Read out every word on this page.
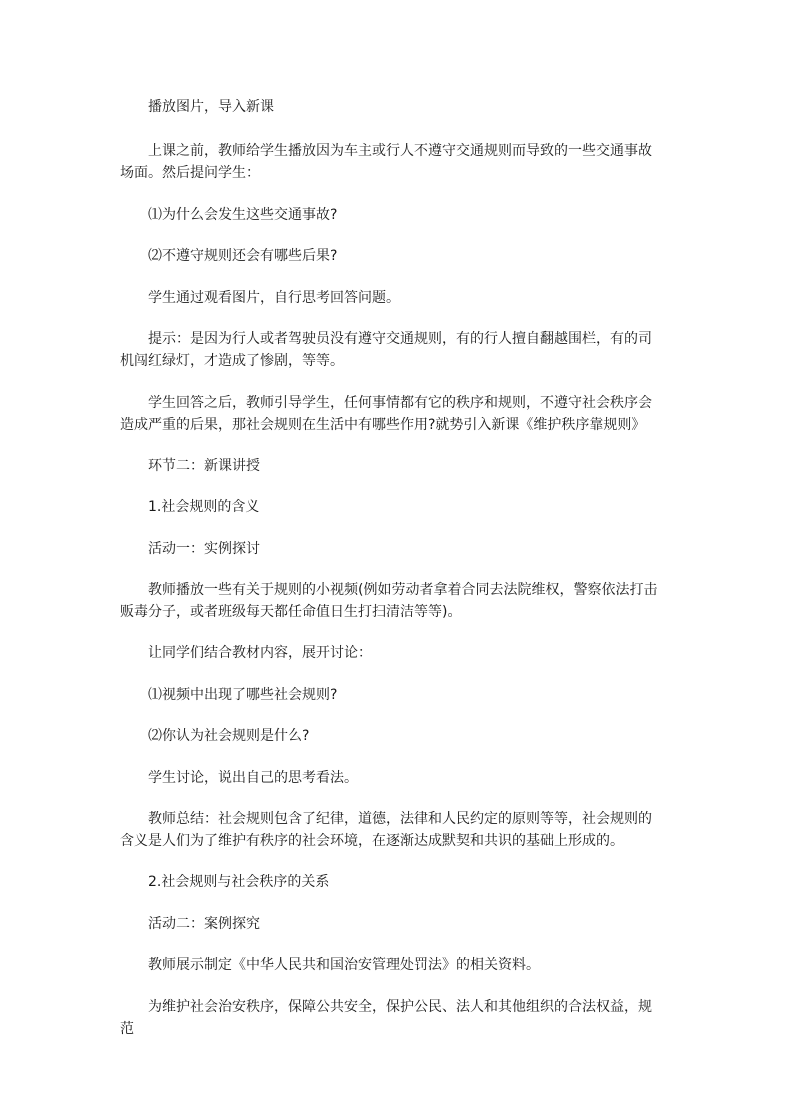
播放图片，导入新课

上课之前，教师给学生播放因为车主或行人不遵守交通规则而导致的一些交通事故场面。然后提问学生：

⑴为什么会发生这些交通事故?

⑵不遵守规则还会有哪些后果?

学生通过观看图片，自行思考回答问题。

提示：是因为行人或者驾驶员没有遵守交通规则，有的行人擅自翻越围栏，有的司机闯红绿灯，才造成了惨剧，等等。

学生回答之后，教师引导学生，任何事情都有它的秩序和规则，不遵守社会秩序会造成严重的后果，那社会规则在生活中有哪些作用?就势引入新课《维护秩序靠规则》

环节二：新课讲授

1.社会规则的含义

活动一：实例探讨

教师播放一些有关于规则的小视频(例如劳动者拿着合同去法院维权，警察依法打击贩毒分子，或者班级每天都任命值日生打扫清洁等等)。

让同学们结合教材内容，展开讨论：

⑴视频中出现了哪些社会规则?

⑵你认为社会规则是什么?

学生讨论，说出自己的思考看法。

教师总结：社会规则包含了纪律，道德，法律和人民约定的原则等等，社会规则的含义是人们为了维护有秩序的社会环境，在逐渐达成默契和共识的基础上形成的。

2.社会规则与社会秩序的关系

活动二：案例探究

教师展示制定《中华人民共和国治安管理处罚法》的相关资料。

为维护社会治安秩序，保障公共安全，保护公民、法人和其他组织的合法权益，规范
